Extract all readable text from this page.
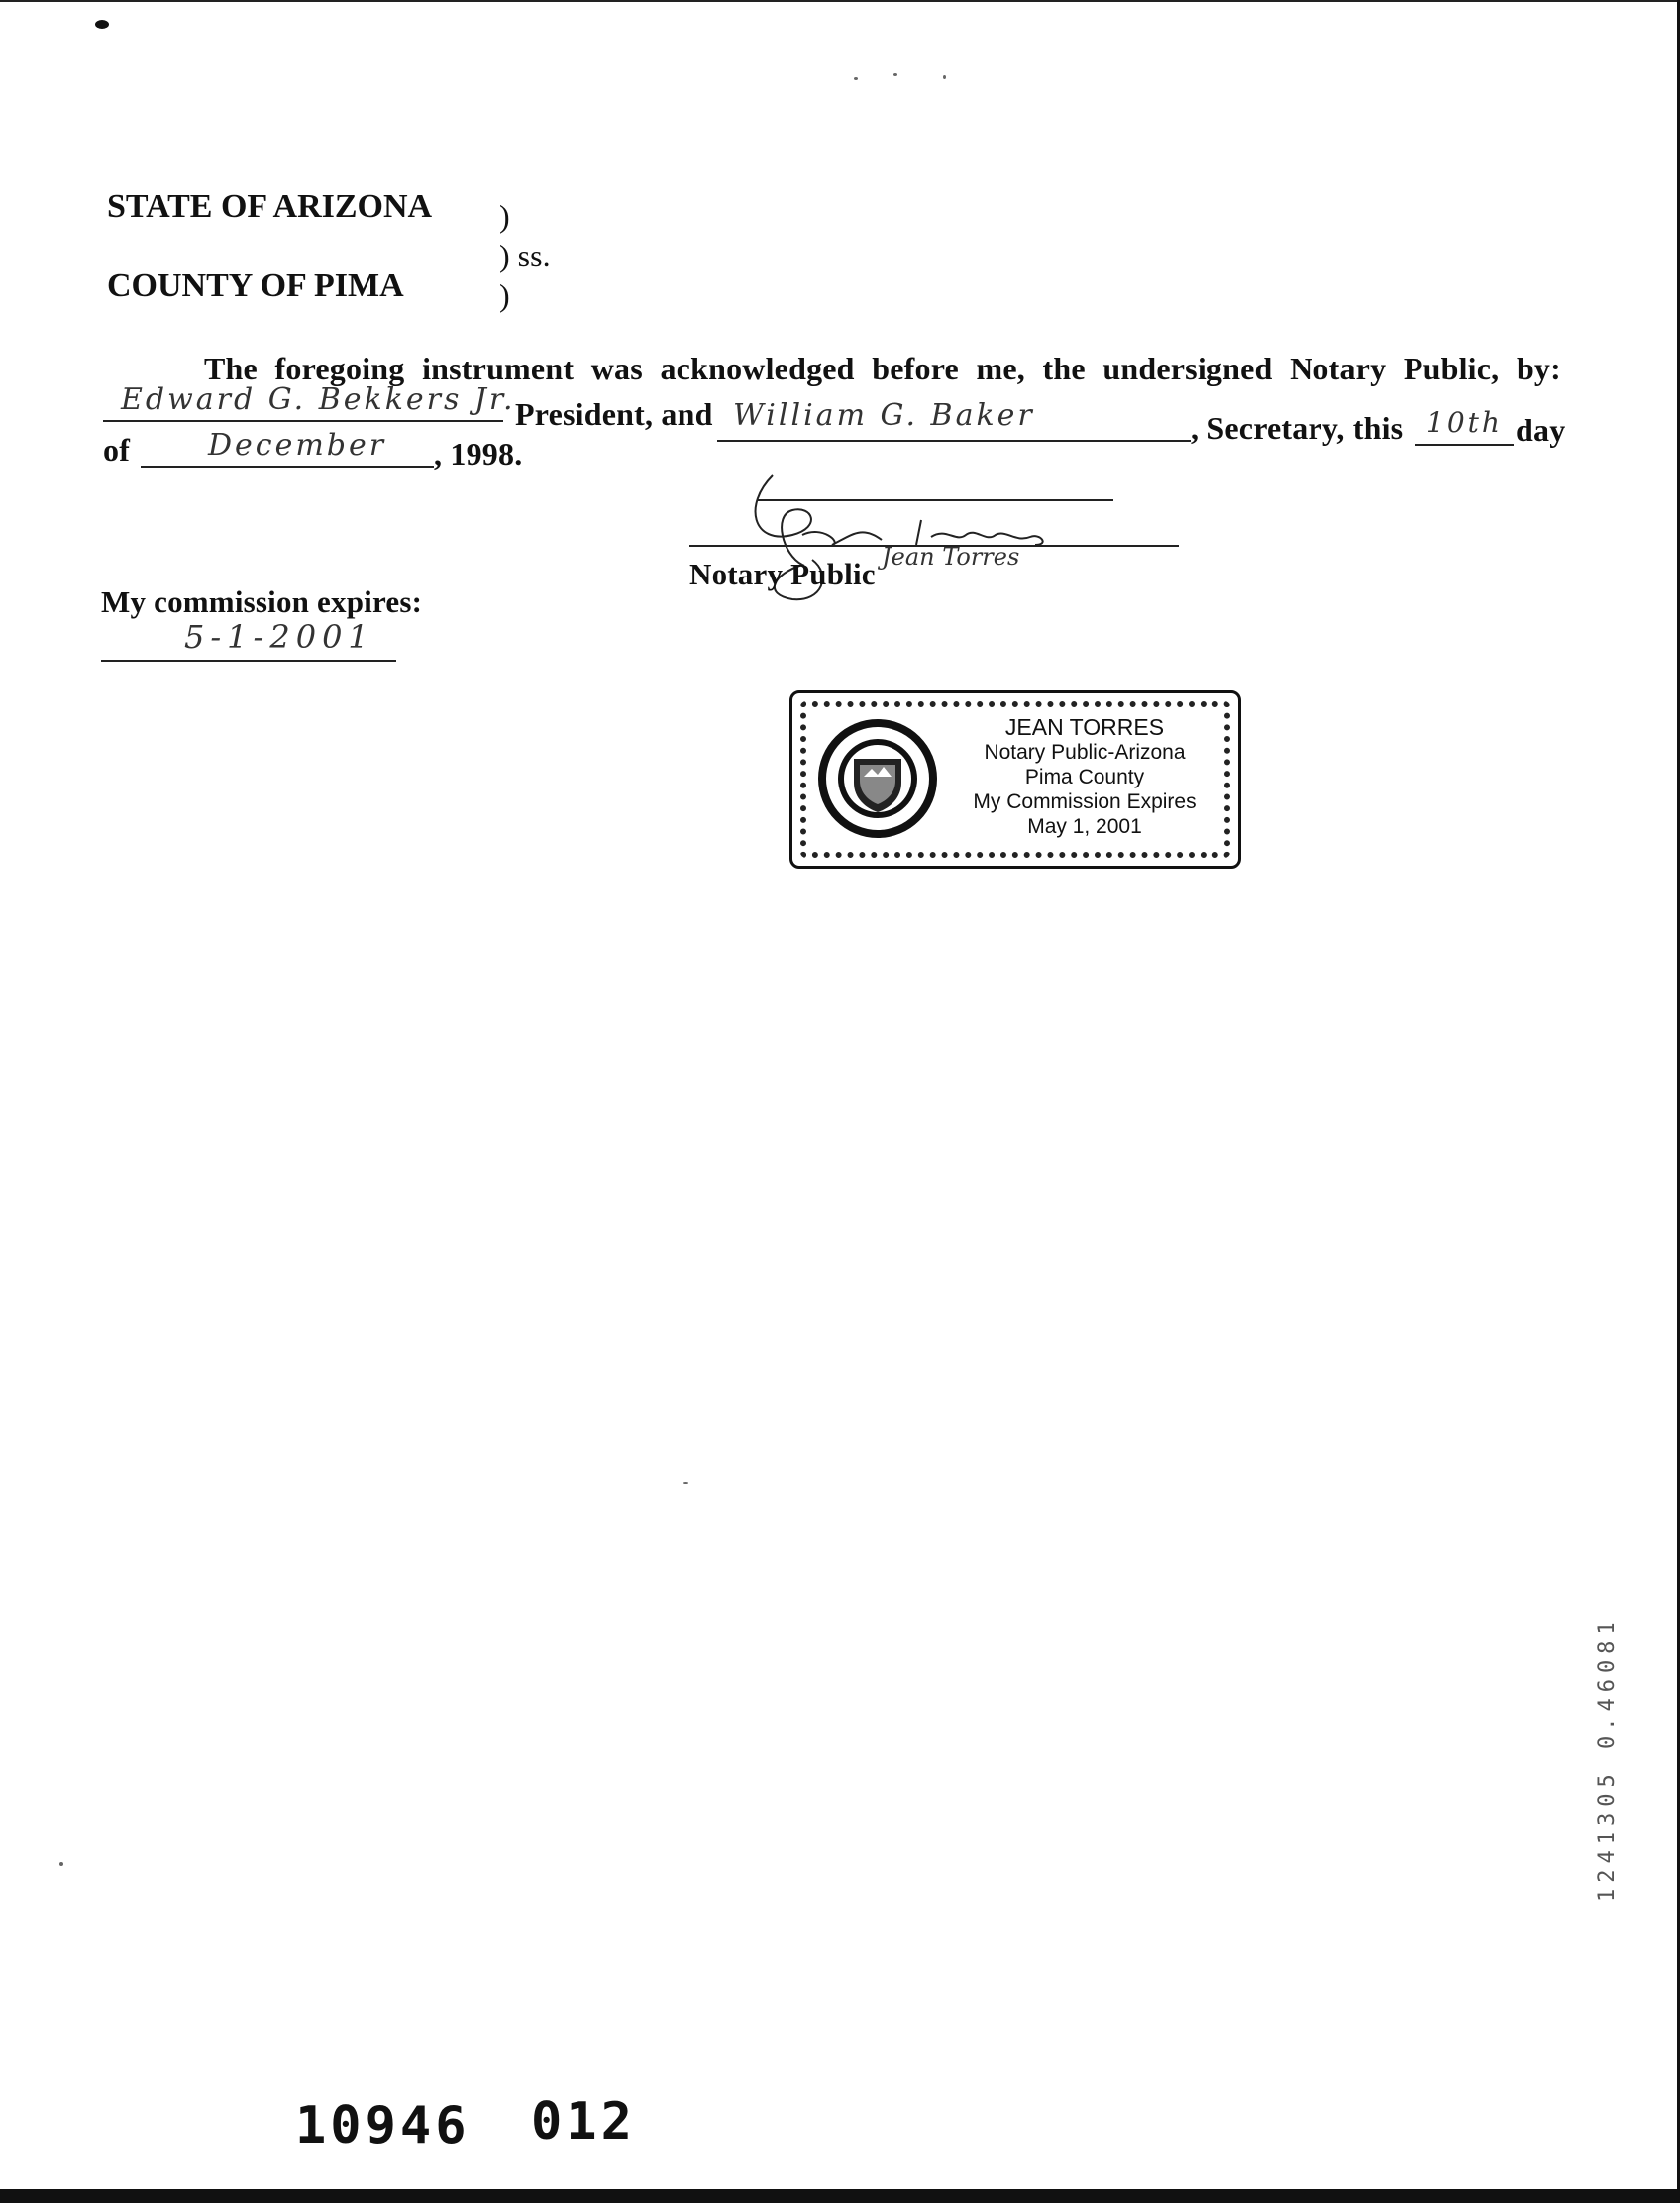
STATE OF ARIZONA )
) ss.
COUNTY OF PIMA	)
The foregoing instrument was acknowledged before me, the undersigned Notary Public, by:
Edward G. Bekkers Jr. President, and William G. Baker	, Secretary, this 10th day
of	December , 1998.
Jean Torres
Notary Public
My commission expires:
5-1-2001
1912
JEAN TORRES
Notary Public-Arizona
Pima County
My Commission Expires
May 1, 2001
1241305 0.46081
10946 012
